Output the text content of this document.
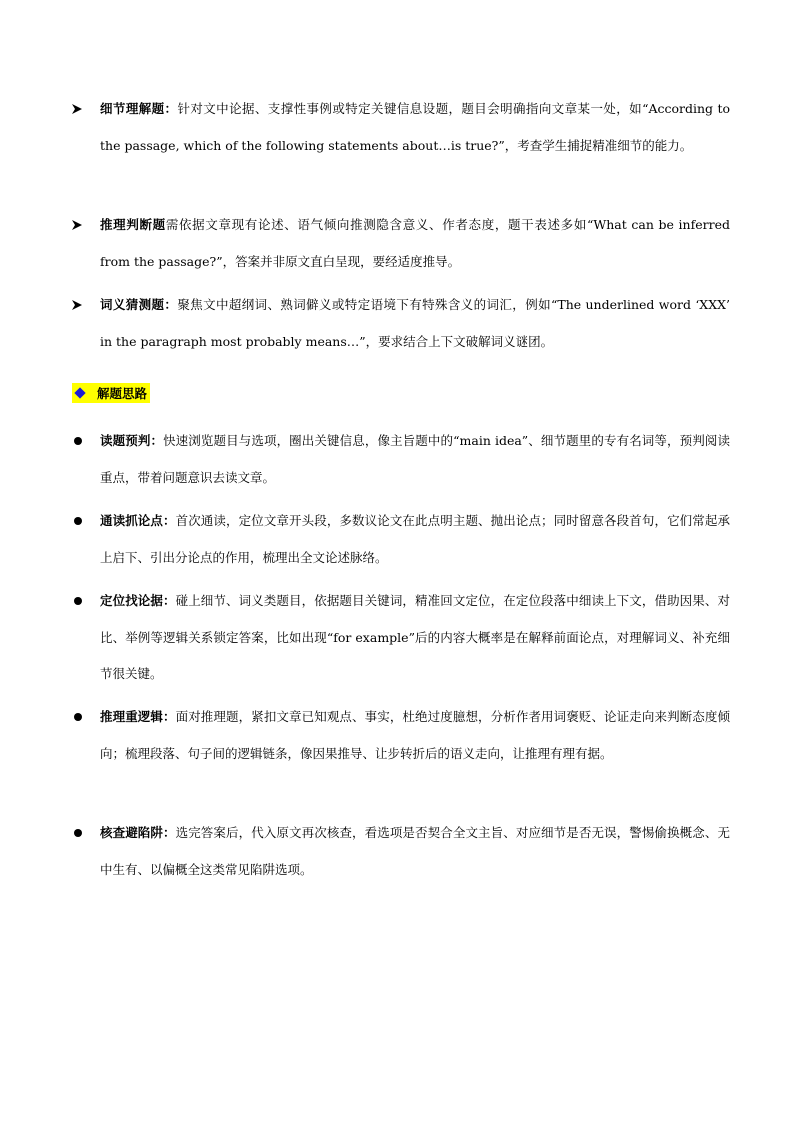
细节理解题：针对文中论据、支撑性事例或特定关键信息设题，题目会明确指向文章某一处，如“According to the passage, which of the following statements about…is true?”，考查学生捕捉精准细节的能力。
推理判断题需依据文章现有论述、语气倾向推测隐含意义、作者态度，题干表述多如“What can be inferred from the passage?”，答案并非原文直白呈现，要经适度推导。
词义猜测题：聚焦文中超纲词、熟词僻义或特定语境下有特殊含义的词汇，例如“The underlined word ‘XXX’ in the paragraph most probably means…”，要求结合上下文破解词义谜团。
解题思路
读题预判：快速浏览题目与选项，圈出关键信息，像主旨题中的“main idea”、细节题里的专有名词等，预判阅读重点，带着问题意识去读文章。
通读抓论点：首次通读，定位文章开头段，多数议论文在此点明主题、抛出论点；同时留意各段首句，它们常起承上启下、引出分论点的作用，梳理出全文论述脉络。
定位找论据：碰上细节、词义类题目，依据题目关键词，精准回文定位，在定位段落中细读上下文，借助因果、对比、举例等逻辑关系锁定答案，比如出现“for example”后的内容大概率是在解释前面论点，对理解词义、补充细节很关键。
推理重逻辑：面对推理题，紧扣文章已知观点、事实，杜绝过度臆想，分析作者用词褒贬、论证走向来判断态度倾向；梳理段落、句子间的逻辑链条，像因果推导、让步转折后的语义走向，让推理有理有据。
核查避陷阱：选完答案后，代入原文再次核查，看选项是否契合全文主旨、对应细节是否无误，警惕偷换概念、无中生有、以偏概全这类常见陷阱选项。
